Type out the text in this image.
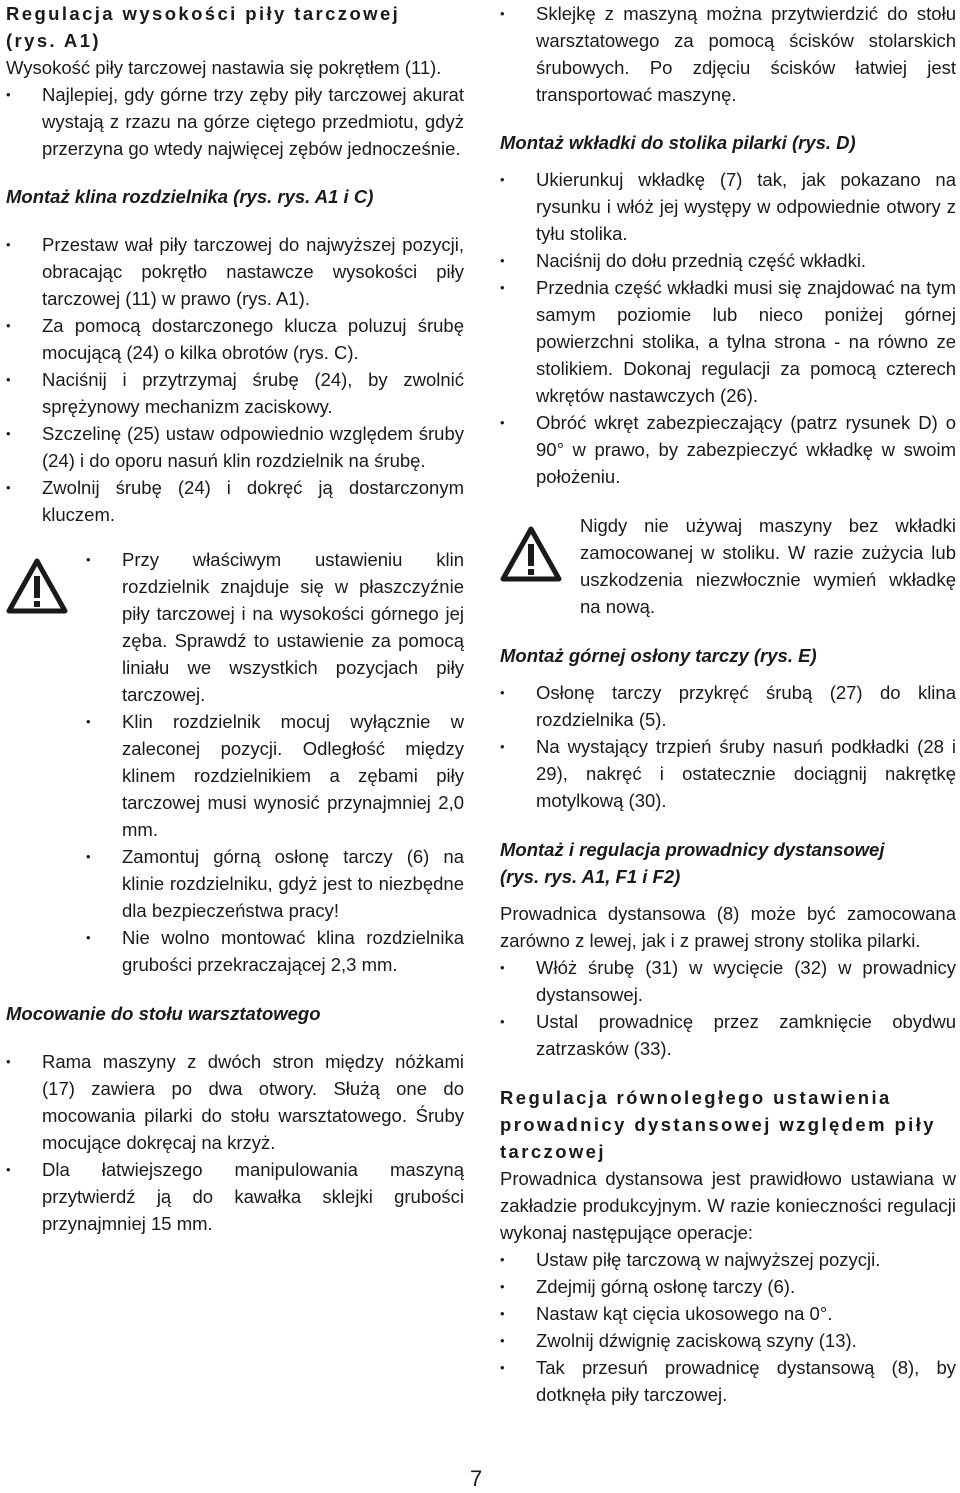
Regulacja wysokości piły tarczowej
(rys. A1)

Wysokość piły tarczowej nastawia się pokrętłem (11).

• Najlepiej, gdy górne trzy zęby piły tarczowej akurat wystają z rzazu na górze ciętego przedmiotu, gdyż przerzyna go wtedy najwięcej zębów jednocześnie.
Montaż klina rozdzielnika (rys. rys. A1 i C)
• Przestaw wał piły tarczowej do najwyższej pozycji, obracając pokrętło nastawcze wysokości piły tarczowej (11) w prawo (rys. A1).
• Za pomocą dostarczonego klucza poluzuj śrubę mocującą (24) o kilka obrotów (rys. C).
• Naciśnij i przytrzymaj śrubę (24), by zwolnić sprężynowy mechanizm zaciskowy.
• Szczelinę (25) ustaw odpowiednio względem śruby (24) i do oporu nasuń klin rozdzielnik na śrubę.
• Zwolnij śrubę (24) i dokręć ją dostarczonym kluczem.
• Przy właściwym ustawieniu klin rozdzielnik znajduje się w płaszczyźnie piły tarczowej i na wysokości górnego jej zęba. Sprawdź to ustawienie za pomocą liniału we wszystkich pozycjach piły tarczowej.
• Klin rozdzielnik mocuj wyłącznie w zaleconej pozycji. Odległość między klinem rozdzielnikiem a zębami piły tarczowej musi wynosić przynajmniej 2,0 mm.
• Zamontuj górną osłonę tarczy (6) na klinie rozdzielniku, gdyż jest to niezbędne dla bezpieczeństwa pracy!
• Nie wolno montować klina rozdzielnika grubości przekraczającej 2,3 mm.
Mocowanie do stołu warsztatowego
• Rama maszyny z dwóch stron między nóżkami (17) zawiera po dwa otwory. Służą one do mocowania pilarki do stołu warsztatowego. Śruby mocujące dokręcaj na krzyż.
• Dla łatwiejszego manipulowania maszyną przytwierdź ją do kawałka sklejki grubości przynajmniej 15 mm.
• Sklejkę z maszyną można przytwierdzić do stołu warsztatowego za pomocą ścisków stolarskich śrubowych. Po zdjęciu ścisków łatwiej jest transportować maszynę.
Montaż wkładki do stolika pilarki (rys. D)
• Ukierunkuj wkładkę (7) tak, jak pokazano na rysunku i włóż jej występy w odpowiednie otwory z tyłu stolika.
• Naciśnij do dołu przednią część wkładki.
• Przednia część wkładki musi się znajdować na tym samym poziomie lub nieco poniżej górnej powierzchni stolika, a tylna strona - na równo ze stolikiem. Dokonaj regulacji za pomocą czterech wkrętów nastawczych (26).
• Obróć wkręt zabezpieczający (patrz rysunek D) o 90° w prawo, by zabezpieczyć wkładkę w swoim położeniu.

Nigdy nie używaj maszyny bez wkładki zamocowanej w stoliku. W razie zużycia lub uszkodzenia niezwłocznie wymień wkładkę na nową.

Montaż górnej osłony tarczy (rys. E)
• Osłonę tarczy przykręć śrubą (27) do klina rozdzielnika (5).
• Na wystający trzpień śruby nasuń podkładki (28 i 29), nakręć i ostatecznie dociągnij nakrętkę motylkową (30).
Montaż i regulacja prowadnicy dystansowej
(rys. rys. A1, F1 i F2)

Prowadnica dystansowa (8) może być zamocowana zarówno z lewej, jak i z prawej strony stolika pilarki.

• Włóż śrubę (31) w wycięcie (32) w prowadnicy dystansowej.
• Ustal prowadnicę przez zamknięcie obydwu zatrzasków (33).
Regulacja równoległego ustawienia prowadnicy dystansowej względem piły tarczowej

Prowadnica dystansowa jest prawidłowo ustawiana w zakładzie produkcyjnym. W razie konieczności regulacji wykonaj następujące operacje:

• Ustaw piłę tarczową w najwyższej pozycji.
• Zdejmij górną osłonę tarczy (6).
• Nastaw kąt cięcia ukosowego na 0°.
• Zwolnij dźwignię zaciskową szyny (13).
• Tak przesuń prowadnicę dystansową (8), by dotknęła piły tarczowej.
7
